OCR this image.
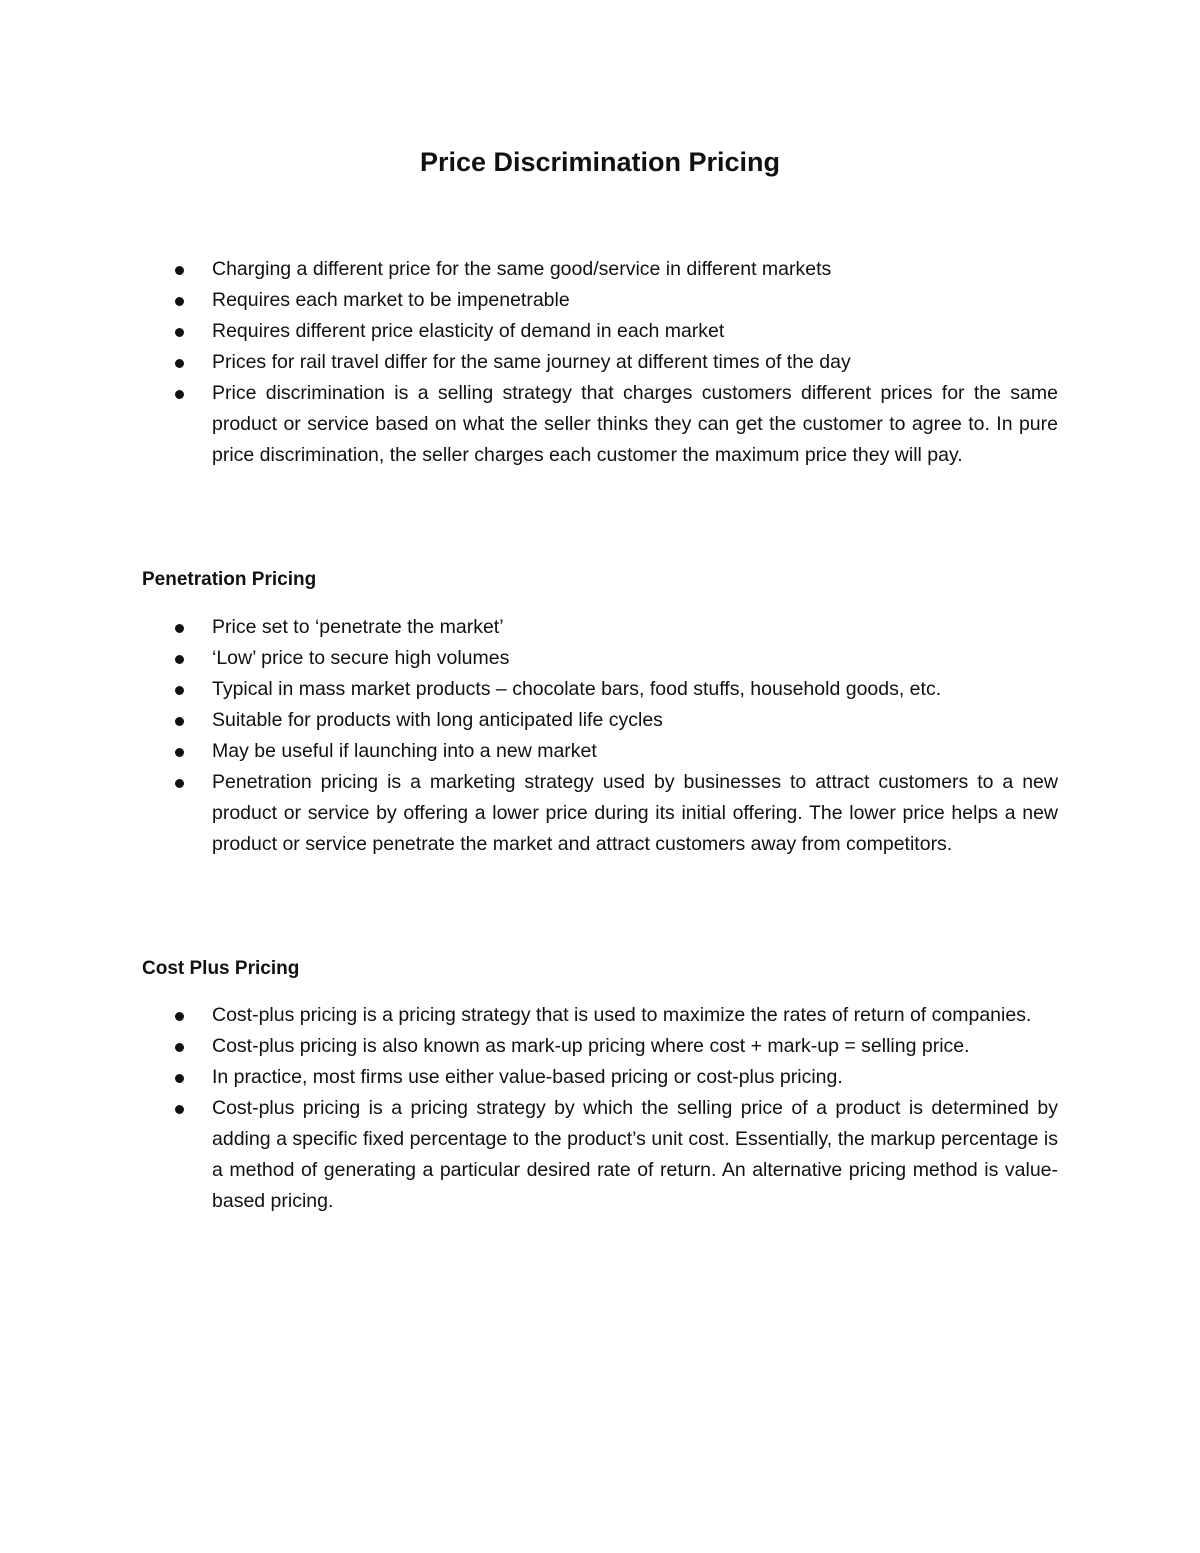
Price Discrimination Pricing
Charging a different price for the same good/service in different markets
Requires each market to be impenetrable
Requires different price elasticity of demand in each market
Prices for rail travel differ for the same journey at different times of the day
Price discrimination is a selling strategy that charges customers different prices for the same product or service based on what the seller thinks they can get the customer to agree to. In pure price discrimination, the seller charges each customer the maximum price they will pay.
Penetration Pricing
Price set to ‘penetrate the market’
‘Low’ price to secure high volumes
Typical in mass market products – chocolate bars, food stuffs, household goods, etc.
Suitable for products with long anticipated life cycles
May be useful if launching into a new market
Penetration pricing is a marketing strategy used by businesses to attract customers to a new product or service by offering a lower price during its initial offering. The lower price helps a new product or service penetrate the market and attract customers away from competitors.
Cost Plus Pricing
Cost-plus pricing is a pricing strategy that is used to maximize the rates of return of companies.
Cost-plus pricing is also known as mark-up pricing where cost + mark-up = selling price.
In practice, most firms use either value-based pricing or cost-plus pricing.
Cost-plus pricing is a pricing strategy by which the selling price of a product is determined by adding a specific fixed percentage to the product’s unit cost. Essentially, the markup percentage is a method of generating a particular desired rate of return. An alternative pricing method is value-based pricing.
